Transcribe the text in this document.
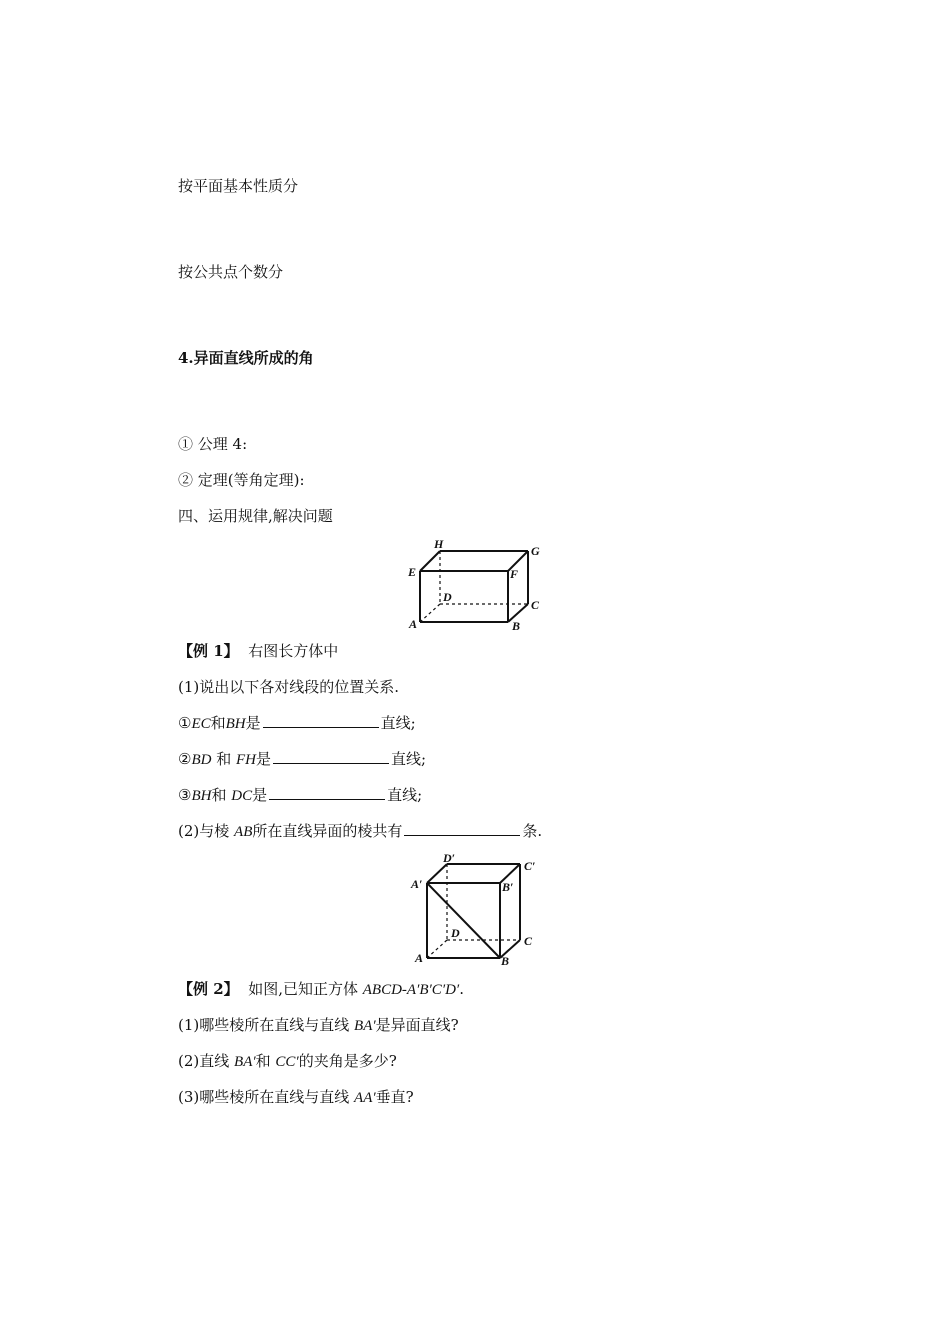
按平面基本性质分
按公共点个数分
4.异面直线所成的角
① 公理 4:
② 定理(等角定理):
四、运用规律,解决问题
H	G
E	F
D
C
A	B
【例 1】 右图长方体中
(1)说出以下各对线段的位置关系.
①EC和BH是	直线;
②BD 和 FH是	直线;
③BH和 DC是	直线;
(2)与棱 AB所在直线异面的棱共有	条.
D′
C′
A′	B′
D
C
A	B
【例 2】 如图,已知正方体 ABCD-A′B′C′D′.
(1)哪些棱所在直线与直线 BA′是异面直线?
(2)直线 BA′和 CC′的夹角是多少?
(3)哪些棱所在直线与直线 AA′垂直?
